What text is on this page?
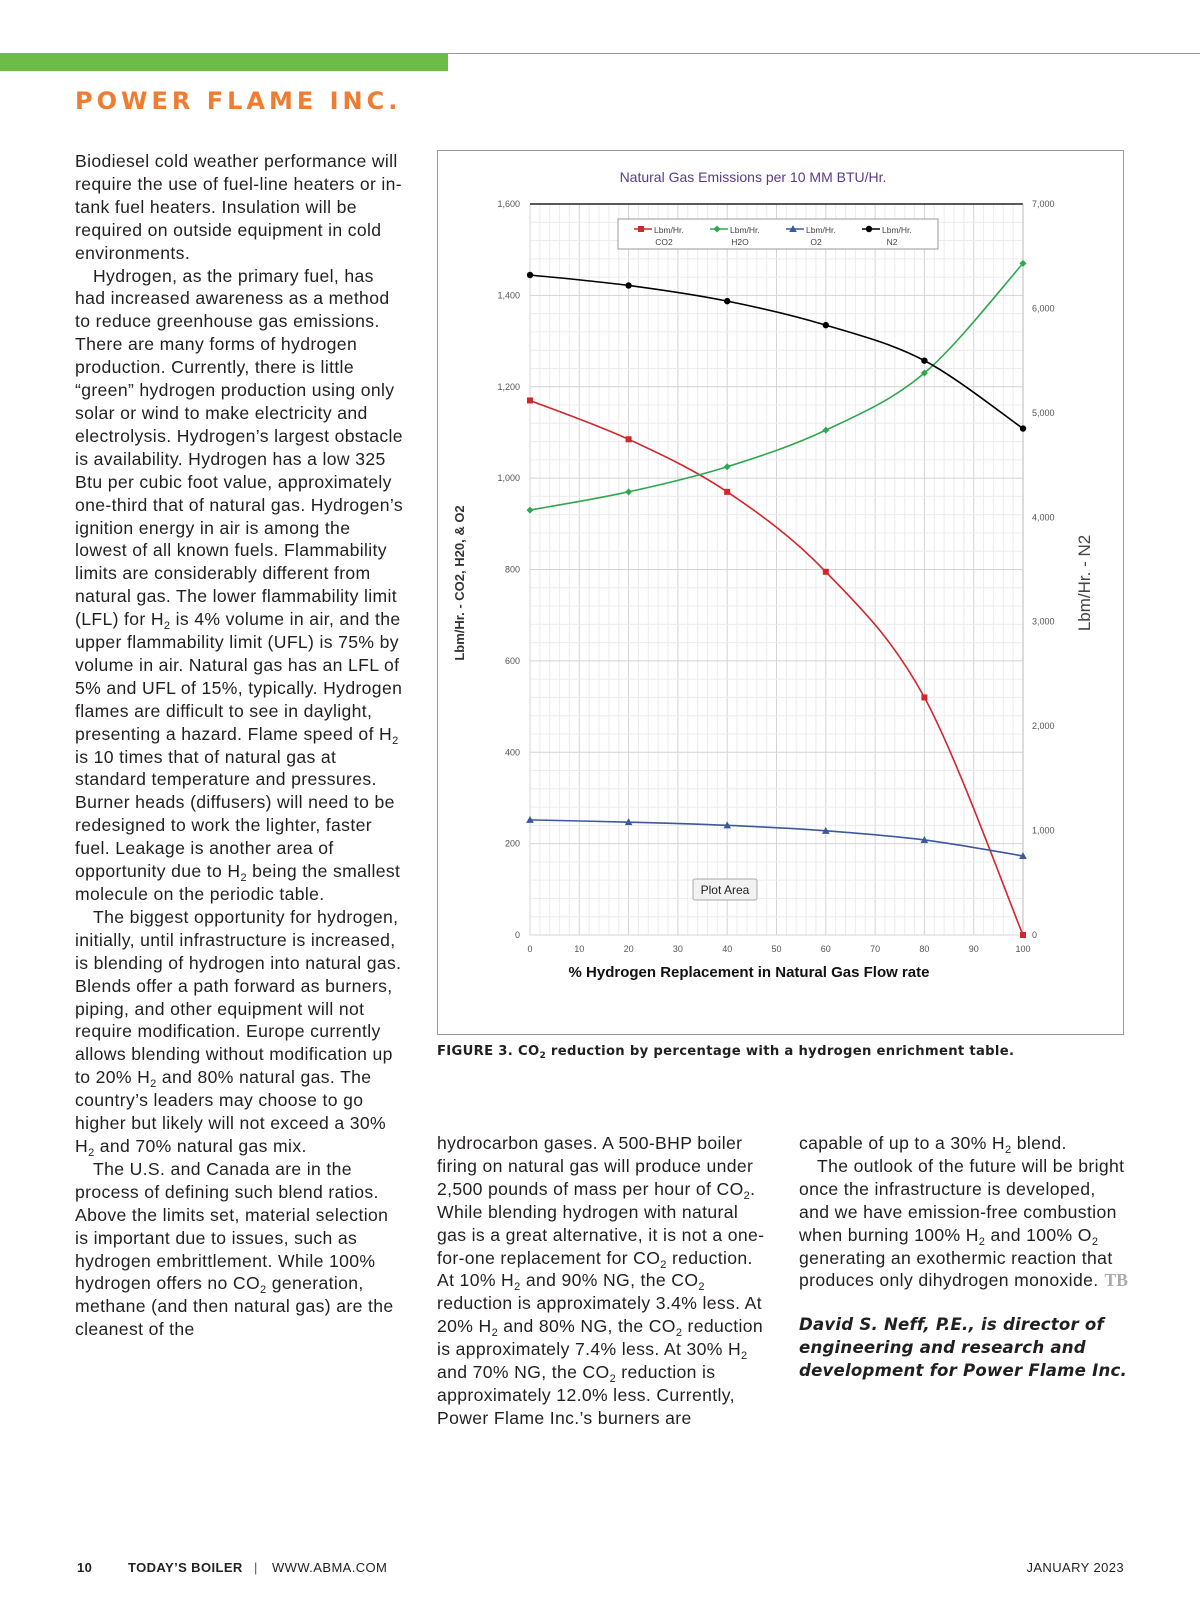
POWER FLAME INC.

Biodiesel cold weather performance will require the use of fuel-line heaters or in-tank fuel heaters. Insulation will be required on outside equipment in cold environments.

Hydrogen, as the primary fuel, has had increased awareness as a method to reduce greenhouse gas emissions. There are many forms of hydrogen production. Currently, there is little “green” hydrogen production using only solar or wind to make electricity and electrolysis. Hydrogen’s largest obstacle is availability. Hydrogen has a low 325 Btu per cubic foot value, approximately one-third that of natural gas. Hydrogen’s ignition energy in air is among the lowest of all known fuels. Flammability limits are considerably different from natural gas. The lower flammability limit (LFL) for $H_2$ is 4% volume in air, and the upper flammability limit (UFL) is 75% by volume in air. Natural gas has an LFL of 5% and UFL of 15%, typically. Hydrogen flames are difficult to see in daylight, presenting a hazard. Flame speed of $H_2$ is 10 times that of natural gas at standard temperature and pressures. Burner heads (diffusers) will need to be redesigned to work the lighter, faster fuel. Leakage is another area of opportunity due to $H_2$ being the smallest molecule on the periodic table.

The biggest opportunity for hydrogen, initially, until infrastructure is increased, is blending of hydrogen into natural gas. Blends offer a path forward as burners, piping, and other equipment will not require modification. Europe currently allows blending without modification up to 20% $H_2$ and 80% natural gas. The country’s leaders may choose to go higher but likely will not exceed a 30% $H_2$ and 70% natural gas mix.

The U.S. and Canada are in the process of defining such blend ratios. Above the limits set, material selection is important due to issues, such as hydrogen embrittlement. While 100% hydrogen offers no $CO_2$ generation, methane (and then natural gas) are the cleanest of the

Natural Gas Emissions per 10 MM BTU/Hr.
0
200
400
600
800
1,000
1,200
1,400
1,600
0
1,000
2,000
3,000
4,000
5,000
6,000
7,000
0	10	20	30	40	50	60	70	80	90	100
Lbm/Hr.
CO2
Lbm/Hr.
H2O
Lbm/Hr.
O2
Lbm/Hr.
N2
Lbm/Hr. - CO2, H20, & O2	Lbm/Hr. - N2
% Hydrogen Replacement in Natural Gas Flow rate
Plot Area

FIGURE 3. $CO_2$ reduction by percentage with a hydrogen enrichment table.

hydrocarbon gases. A 500-BHP boiler firing on natural gas will produce under 2,500 pounds of mass per hour of $CO_2$. While blending hydrogen with natural gas is a great alternative, it is not a one-for-one replacement for $CO_2$ reduction. At 10% $H_2$ and 90% NG, the $CO_2$ reduction is approximately 3.4% less. At 20% $H_2$ and 80% NG, the $CO_2$ reduction is approximately 7.4% less. At 30% $H_2$ and 70% NG, the $CO_2$ reduction is approximately 12.0% less. Currently, Power Flame Inc.’s burners are

capable of up to a 30% $H_2$ blend.

The outlook of the future will be bright once the infrastructure is developed, and we have emission-free combustion when burning 100% $H_2$ and 100% $O_2$ generating an exothermic reaction that produces only dihydrogen monoxide. TB

David S. Neff, P.E., is director of engineering and research and development for Power Flame Inc.

10	TODAY’S BOILER | WWW.ABMA.COM	JANUARY 2023
